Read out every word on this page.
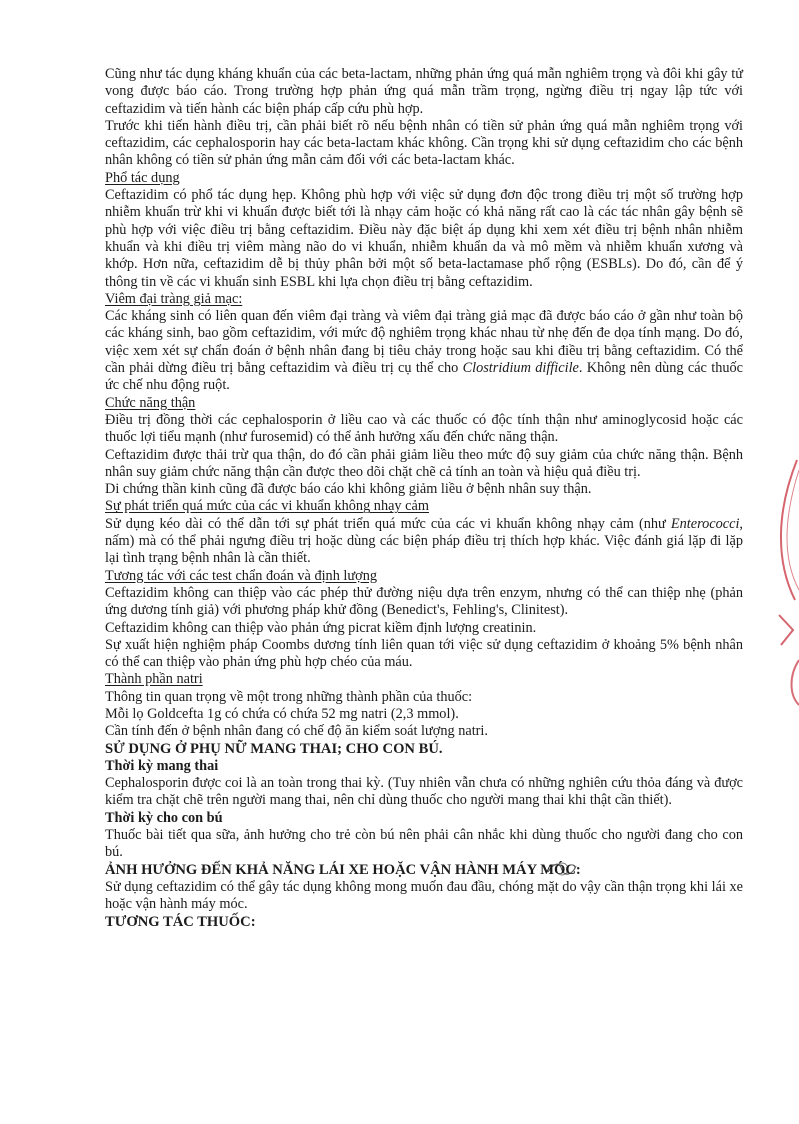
Cũng như tác dụng kháng khuẩn của các beta-lactam, những phản ứng quá mẫn nghiêm trọng và đôi khi gây tử vong được báo cáo. Trong trường hợp phản ứng quá mẫn trầm trọng, ngừng điều trị ngay lập tức với ceftazidim và tiến hành các biện pháp cấp cứu phù hợp.

Trước khi tiến hành điều trị, cần phải biết rõ nếu bệnh nhân có tiền sử phản ứng quá mẫn nghiêm trọng với ceftazidim, các cephalosporin hay các beta-lactam khác không. Cần trọng khi sử dụng ceftazidim cho các bệnh nhân không có tiền sử phản ứng mẫn cảm đối với các beta-lactam khác.

Phổ tác dụng

Ceftazidim có phổ tác dụng hẹp. Không phù hợp với việc sử dụng đơn độc trong điều trị một số trường hợp nhiễm khuẩn trừ khi vi khuẩn được biết tới là nhạy cảm hoặc có khả năng rất cao là các tác nhân gây bệnh sẽ phù hợp với việc điều trị bằng ceftazidim. Điều này đặc biệt áp dụng khi xem xét điều trị bệnh nhân nhiễm khuẩn và khi điều trị viêm màng não do vi khuẩn, nhiễm khuẩn da và mô mềm và nhiễm khuẩn xương và khớp. Hơn nữa, ceftazidim dễ bị thủy phân bởi một số beta-lactamase phổ rộng (ESBLs). Do đó, cần để ý thông tin về các vi khuẩn sinh ESBL khi lựa chọn điều trị bằng ceftazidim.

Viêm đại tràng giả mạc:

Các kháng sinh có liên quan đến viêm đại tràng và viêm đại tràng giả mạc đã được báo cáo ở gần như toàn bộ các kháng sinh, bao gồm ceftazidim, với mức độ nghiêm trọng khác nhau từ nhẹ đến đe dọa tính mạng. Do đó, việc xem xét sự chẩn đoán ở bệnh nhân đang bị tiêu chảy trong hoặc sau khi điều trị bằng ceftazidim. Có thể cần phải dừng điều trị bằng ceftazidim và điều trị cụ thể cho Clostridium difficile. Không nên dùng các thuốc ức chế nhu động ruột.

Chức năng thận

Điều trị đồng thời các cephalosporin ở liều cao và các thuốc có độc tính thận như aminoglycosid hoặc các thuốc lợi tiểu mạnh (như furosemid) có thể ảnh hưởng xấu đến chức năng thận.

Ceftazidim được thải trừ qua thận, do đó cần phải giảm liều theo mức độ suy giảm của chức năng thận. Bệnh nhân suy giảm chức năng thận cần được theo dõi chặt chẽ cả tính an toàn và hiệu quả điều trị.

Di chứng thần kinh cũng đã được báo cáo khi không giảm liều ở bệnh nhân suy thận.

Sự phát triển quá mức của các vi khuẩn không nhạy cảm

Sử dụng kéo dài có thể dẫn tới sự phát triển quá mức của các vi khuẩn không nhạy cảm (như Enterococci, nấm) mà có thể phải ngưng điều trị hoặc dùng các biện pháp điều trị thích hợp khác. Việc đánh giá lặp đi lặp lại tình trạng bệnh nhân là cần thiết.

Tương tác với các test chẩn đoán và định lượng

Ceftazidim không can thiệp vào các phép thử đường niệu dựa trên enzym, nhưng có thể can thiệp nhẹ (phản ứng dương tính giả) với phương pháp khử đồng (Benedict's, Fehling's, Clinitest).

Ceftazidim không can thiệp vào phản ứng picrat kiềm định lượng creatinin.

Sự xuất hiện nghiệm pháp Coombs dương tính liên quan tới việc sử dụng ceftazidim ở khoảng 5% bệnh nhân có thể can thiệp vào phản ứng phù hợp chéo của máu.

Thành phần natri

Thông tin quan trọng về một trong những thành phần của thuốc:

Mỗi lọ Goldcefta 1g có chứa có chứa 52 mg natri (2,3 mmol).

Cần tính đến ở bệnh nhân đang có chế độ ăn kiểm soát lượng natri.

SỬ DỤNG Ở PHỤ NỮ MANG THAI; CHO CON BÚ.

Thời kỳ mang thai

Cephalosporin được coi là an toàn trong thai kỳ. (Tuy nhiên vẫn chưa có những nghiên cứu thỏa đáng và được kiểm tra chặt chẽ trên người mang thai, nên chỉ dùng thuốc cho người mang thai khi thật cần thiết).

Thời kỳ cho con bú

Thuốc bài tiết qua sữa, ảnh hưởng cho trẻ còn bú nên phải cân nhắc khi dùng thuốc cho người đang cho con bú.

ẢNH HƯỞNG ĐẾN KHẢ NĂNG LÁI XE HOẶC VẬN HÀNH MÁY MÓC:

Sử dụng ceftazidim có thể gây tác dụng không mong muốn đau đầu, chóng mặt do vậy cần thận trọng khi lái xe hoặc vận hành máy móc.

TƯƠNG TÁC THUỐC:
